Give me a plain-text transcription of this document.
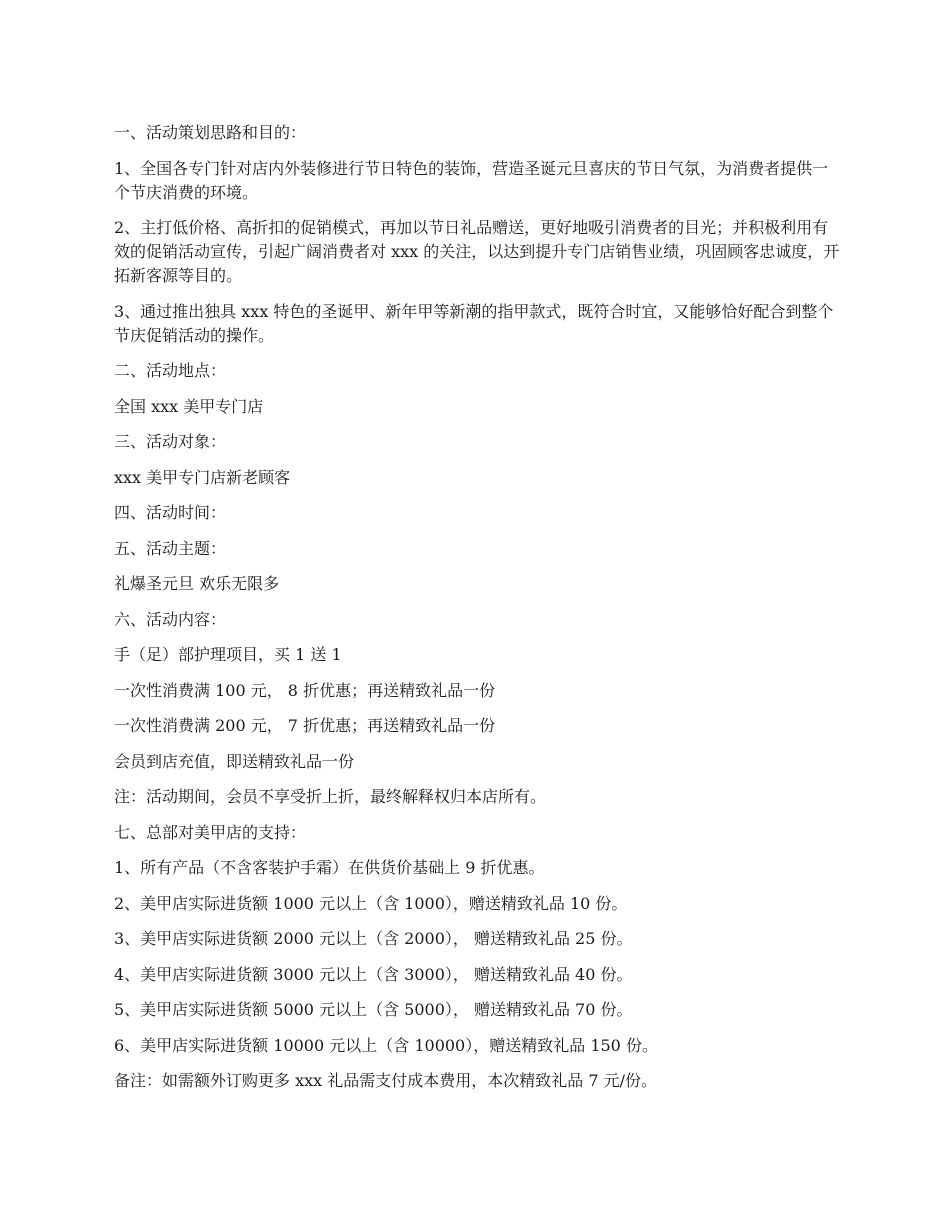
一、活动策划思路和目的：

1、全国各专门针对店内外装修进行节日特色的装饰，营造圣诞元旦喜庆的节日气氛，为消费者提供一个节庆消费的环境。

2、主打低价格、高折扣的促销模式，再加以节日礼品赠送，更好地吸引消费者的目光；并积极利用有效的促销活动宣传，引起广阔消费者对 xxx 的关注，以达到提升专门店销售业绩，巩固顾客忠诚度，开拓新客源等目的。

3、通过推出独具 xxx 特色的圣诞甲、新年甲等新潮的指甲款式，既符合时宜，又能够恰好配合到整个节庆促销活动的操作。

二、活动地点：

全国 xxx 美甲专门店

三、活动对象：

xxx 美甲专门店新老顾客

四、活动时间：

五、活动主题：

礼爆圣元旦 欢乐无限多

六、活动内容：

手（足）部护理项目，买 1 送 1

一次性消费满 100 元， 8 折优惠；再送精致礼品一份

一次性消费满 200 元， 7 折优惠；再送精致礼品一份

会员到店充值，即送精致礼品一份

注：活动期间，会员不享受折上折，最终解释权归本店所有。

七、总部对美甲店的支持：

1、所有产品（不含客装护手霜）在供货价基础上 9 折优惠。

2、美甲店实际进货额 1000 元以上（含 1000），赠送精致礼品 10 份。

3、美甲店实际进货额 2000 元以上（含 2000）， 赠送精致礼品 25 份。

4、美甲店实际进货额 3000 元以上（含 3000）， 赠送精致礼品 40 份。

5、美甲店实际进货额 5000 元以上（含 5000）， 赠送精致礼品 70 份。

6、美甲店实际进货额 10000 元以上（含 10000），赠送精致礼品 150 份。

备注：如需额外订购更多 xxx 礼品需支付成本费用，本次精致礼品 7 元/份。
